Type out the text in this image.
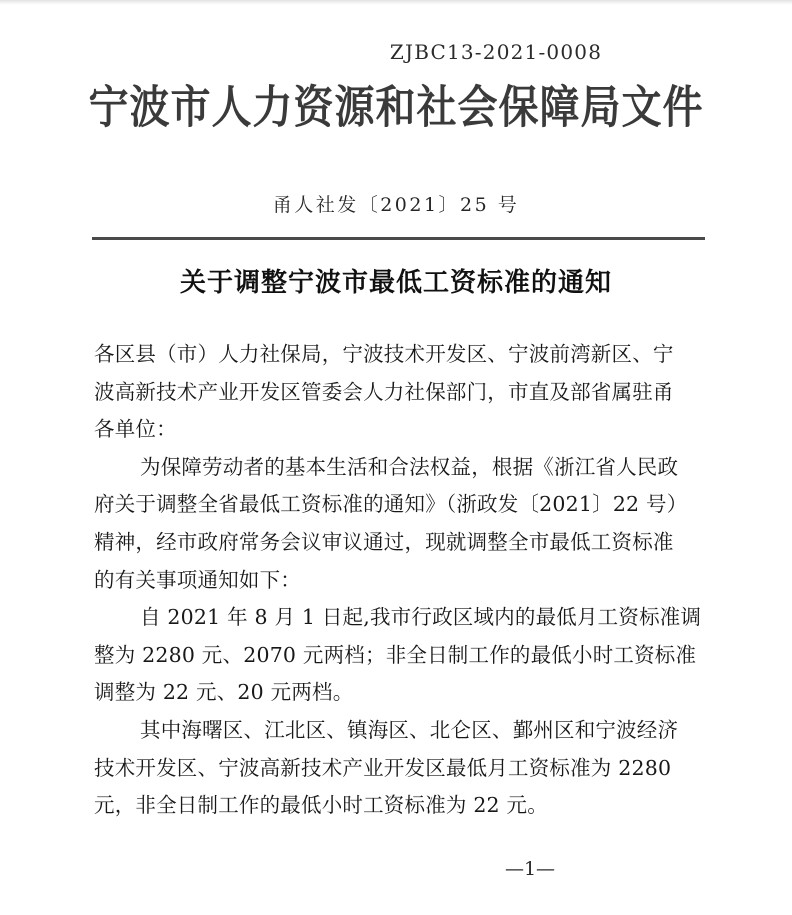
ZJBC13-2021-0008
宁波市人力资源和社会保障局文件
甬人社发〔2021〕25 号
关于调整宁波市最低工资标准的通知
各区县（市）人力社保局，宁波技术开发区、宁波前湾新区、宁
波高新技术产业开发区管委会人力社保部门，市直及部省属驻甬
各单位：
为保障劳动者的基本生活和合法权益，根据《浙江省人民政
府关于调整全省最低工资标准的通知》（浙政发〔2021〕22 号）
精神，经市政府常务会议审议通过，现就调整全市最低工资标准
的有关事项通知如下：
自 2021 年 8 月 1 日起,我市行政区域内的最低月工资标准调
整为 2280 元、2070 元两档；非全日制工作的最低小时工资标准
调整为 22 元、20 元两档。
其中海曙区、江北区、镇海区、北仑区、鄞州区和宁波经济
技术开发区、宁波高新技术产业开发区最低月工资标准为 2280
元，非全日制工作的最低小时工资标准为 22 元。
—1—
